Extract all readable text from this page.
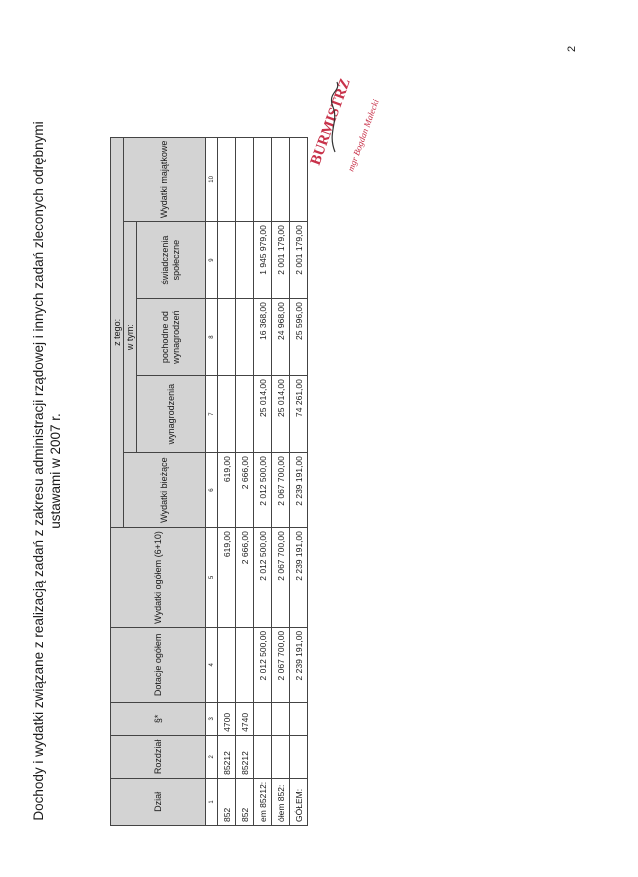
2
BURMISTRZ
mgr Bogdan Małecki
Dochody i wydatki związane z realizacją zadań z zakresu administracji rządowej i innych zadań zleconych odrębnymi ustawami w 2007 r.
Dział	Rozdział	§*	Dotacje ogółem	Wydatki ogółem (6+10)	z tego:				
					Wydatki bieżące	w tym:			Wydatki majątkowe
						wynagrodzenia	pochodne od wynagrodzeń	świadczenia społeczne	
1	2	3	4	5	6	7	8	9	10
852	85212	4700		619,00	619,00				
852	85212	4740		2 666,00	2 666,00				
em 85212:			2 012 500,00	2 012 500,00	2 012 500,00	25 014,00	16 368,00	1 945 979,00	
ółem 852:			2 067 700,00	2 067 700,00	2 067 700,00	25 014,00	24 968,00	2 001 179,00	
GÓŁEM:			2 239 191,00	2 239 191,00	2 239 191,00	74 261,00	25 596,00	2 001 179,00	
